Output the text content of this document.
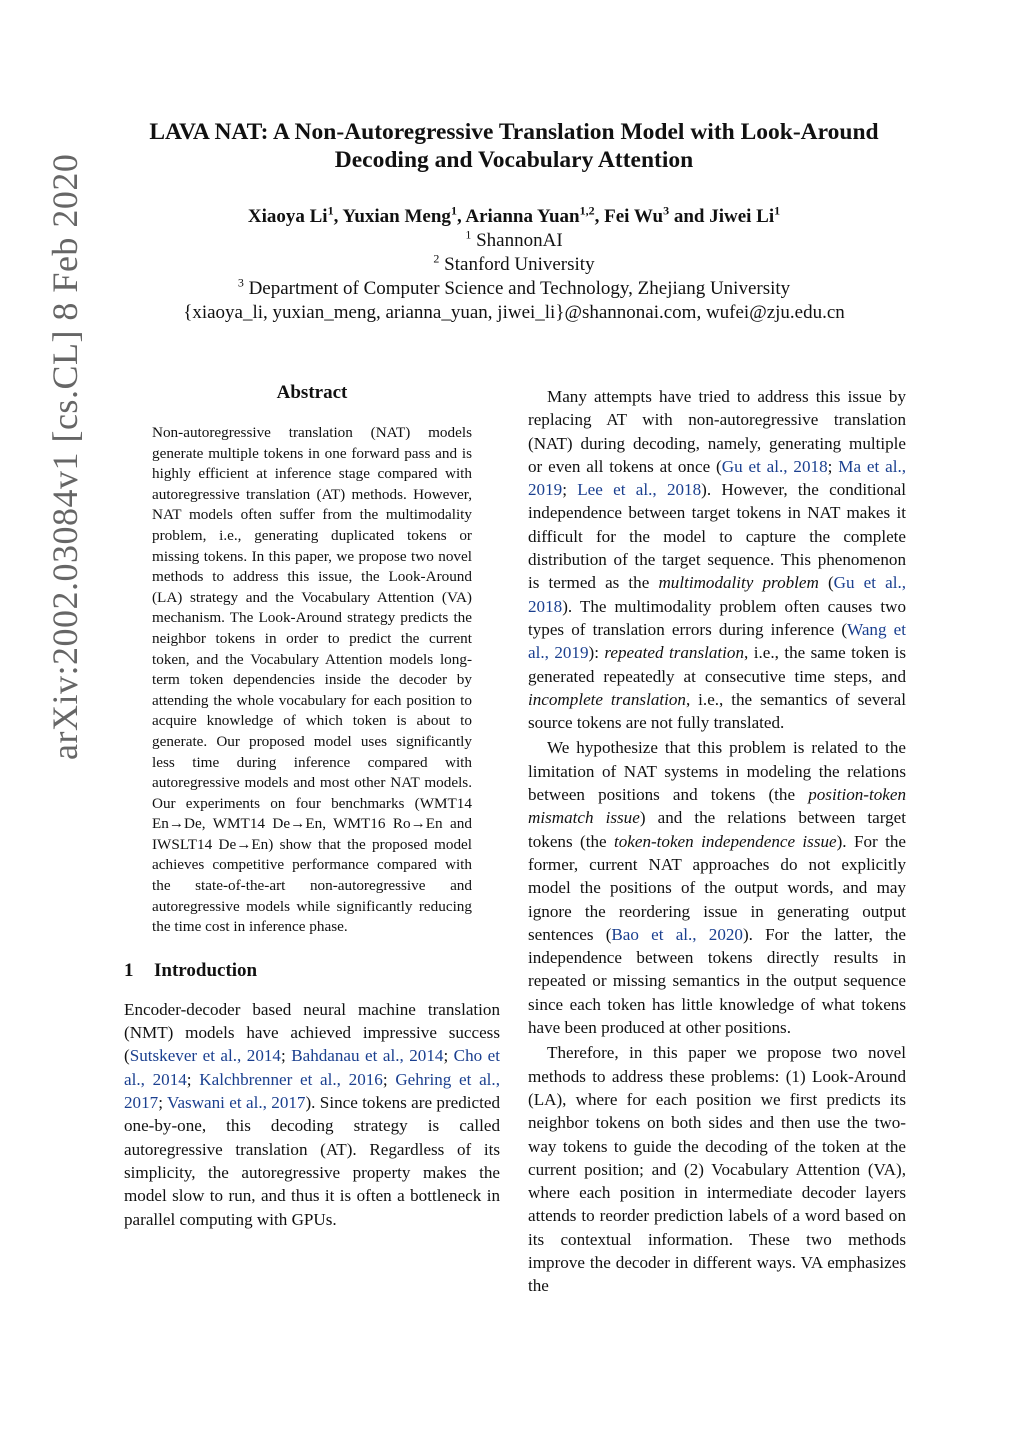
arXiv:2002.03084v1 [cs.CL] 8 Feb 2020
LAVA NAT: A Non-Autoregressive Translation Model with Look-Around
Decoding and Vocabulary Attention
Xiaoya Li$^1$, Yuxian Meng$^1$, Arianna Yuan$^{1,2}$, Fei Wu$^3$ and Jiwei Li$^1$
$^1$ ShannonAI
$^2$ Stanford University
$^3$ Department of Computer Science and Technology, Zhejiang University
{xiaoya_li, yuxian_meng, arianna_yuan, jiwei_li}@shannonai.com, wufei@zju.edu.cn
Abstract
Non-autoregressive translation (NAT) models generate multiple tokens in one forward pass and is highly efficient at inference stage compared with autoregressive translation (AT) methods. However, NAT models often suffer from the multimodality problem, i.e., generating duplicated tokens or missing tokens. In this paper, we propose two novel methods to address this issue, the Look-Around (LA) strategy and the Vocabulary Attention (VA) mechanism. The Look-Around strategy predicts the neighbor tokens in order to predict the current token, and the Vocabulary Attention models long-term token dependencies inside the decoder by attending the whole vocabulary for each position to acquire knowledge of which token is about to generate. Our proposed model uses significantly less time during inference compared with autoregressive models and most other NAT models. Our experiments on four benchmarks (WMT14 En→De, WMT14 De→En, WMT16 Ro→En and IWSLT14 De→En) show that the proposed model achieves competitive performance compared with the state-of-the-art non-autoregressive and autoregressive models while significantly reducing the time cost in inference phase.
1 Introduction

Encoder-decoder based neural machine translation (NMT) models have achieved impressive success (Sutskever et al., 2014; Bahdanau et al., 2014; Cho et al., 2014; Kalchbrenner et al., 2016; Gehring et al., 2017; Vaswani et al., 2017). Since tokens are predicted one-by-one, this decoding strategy is called autoregressive translation (AT). Regardless of its simplicity, the autoregressive property makes the model slow to run, and thus it is often a bottleneck in parallel computing with GPUs.

Many attempts have tried to address this issue by replacing AT with non-autoregressive translation (NAT) during decoding, namely, generating multiple or even all tokens at once (Gu et al., 2018; Ma et al., 2019; Lee et al., 2018). However, the conditional independence between target tokens in NAT makes it difficult for the model to capture the complete distribution of the target sequence. This phenomenon is termed as the multimodality problem (Gu et al., 2018). The multimodality problem often causes two types of translation errors during inference (Wang et al., 2019): repeated translation, i.e., the same token is generated repeatedly at consecutive time steps, and incomplete translation, i.e., the semantics of several source tokens are not fully translated.

We hypothesize that this problem is related to the limitation of NAT systems in modeling the relations between positions and tokens (the position-token mismatch issue) and the relations between target tokens (the token-token independence issue). For the former, current NAT approaches do not explicitly model the positions of the output words, and may ignore the reordering issue in generating output sentences (Bao et al., 2020). For the latter, the independence between tokens directly results in repeated or missing semantics in the output sequence since each token has little knowledge of what tokens have been produced at other positions.

Therefore, in this paper we propose two novel methods to address these problems: (1) Look-Around (LA), where for each position we first predicts its neighbor tokens on both sides and then use the two-way tokens to guide the decoding of the token at the current position; and (2) Vocabulary Attention (VA), where each position in intermediate decoder layers attends to reorder prediction labels of a word based on its contextual information. These two methods improve the decoder in different ways. VA emphasizes the
